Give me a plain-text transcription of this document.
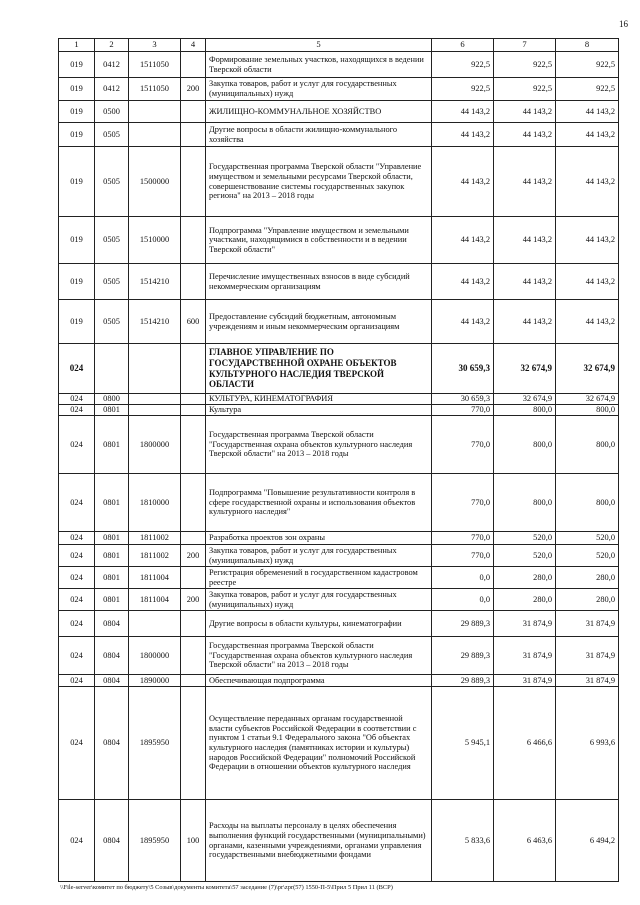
16
1	2	3	4	5	6	7	8
019	0412	1511050		Формирование земельных участков, находящихся в ведении Тверской области	922,5	922,5	922,5
019	0412	1511050	200	Закупка товаров, работ и услуг для государственных (муниципальных) нужд	922,5	922,5	922,5
019	0500			ЖИЛИЩНО-КОММУНАЛЬНОЕ ХОЗЯЙСТВО	44 143,2	44 143,2	44 143,2
019	0505			Другие вопросы в области жилищно-коммунального хозяйства	44 143,2	44 143,2	44 143,2
019	0505	1500000		Государственная программа Тверской области "Управление имуществом и земельными ресурсами Тверской области, совершенствование системы государственных закупок региона" на 2013 – 2018 годы	44 143,2	44 143,2	44 143,2
019	0505	1510000		Подпрограмма "Управление имуществом и земельными участками, находящимися в собственности и в ведении Тверской области"	44 143,2	44 143,2	44 143,2
019	0505	1514210		Перечисление имущественных взносов в виде субсидий некоммерческим организациям	44 143,2	44 143,2	44 143,2
019	0505	1514210	600	Предоставление субсидий бюджетным, автономным учреждениям и иным некоммерческим организациям	44 143,2	44 143,2	44 143,2
024				ГЛАВНОЕ УПРАВЛЕНИЕ ПО ГОСУДАРСТВЕННОЙ ОХРАНЕ ОБЪЕКТОВ КУЛЬТУРНОГО НАСЛЕДИЯ ТВЕРСКОЙ ОБЛАСТИ	30 659,3	32 674,9	32 674,9
024	0800			КУЛЬТУРА, КИНЕМАТОГРАФИЯ	30 659,3	32 674,9	32 674,9
024	0801			Культура	770,0	800,0	800,0
024	0801	1800000		Государственная программа Тверской области "Государственная охрана объектов культурного наследия Тверской области" на 2013 – 2018 годы	770,0	800,0	800,0
024	0801	1810000		Подпрограмма "Повышение результативности контроля в сфере государственной охраны и использования объектов культурного наследия"	770,0	800,0	800,0
024	0801	1811002		Разработка проектов зон охраны	770,0	520,0	520,0
024	0801	1811002	200	Закупка товаров, работ и услуг для государственных (муниципальных) нужд	770,0	520,0	520,0
024	0801	1811004		Регистрация обременений в государственном кадастровом реестре	0,0	280,0	280,0
024	0801	1811004	200	Закупка товаров, работ и услуг для государственных (муниципальных) нужд	0,0	280,0	280,0
024	0804			Другие вопросы в области культуры, кинематографии	29 889,3	31 874,9	31 874,9
024	0804	1800000		Государственная программа Тверской области "Государственная охрана объектов культурного наследия Тверской области" на 2013 – 2018 годы	29 889,3	31 874,9	31 874,9
024	0804	1890000		Обеспечивающая подпрограмма	29 889,3	31 874,9	31 874,9
024	0804	1895950		Осуществление переданных органам государственной власти субъектов Российской Федерации в соответствии с пунктом 1 статьи 9.1 Федерального закона "Об объектах культурного наследия (памятниках истории и культуры) народов Российской Федерации" полномочий Российской Федерации в отношении объектов культурного наследия	5 945,1	6 466,6	6 993,6
024	0804	1895950	100	Расходы на выплаты персоналу в целях обеспечения выполнения функций государственными (муниципальными) органами, казенными учреждениями, органами управления государственными внебюджетными фондами	5 833,6	6 463,6	6 494,2
\\File-server\комитет по бюджету\5 Созыв\документы комитета\57 заседание (7)\pr\zpr(57) 1550-П-5\Прил 5 Прил 11 (ВСР)
